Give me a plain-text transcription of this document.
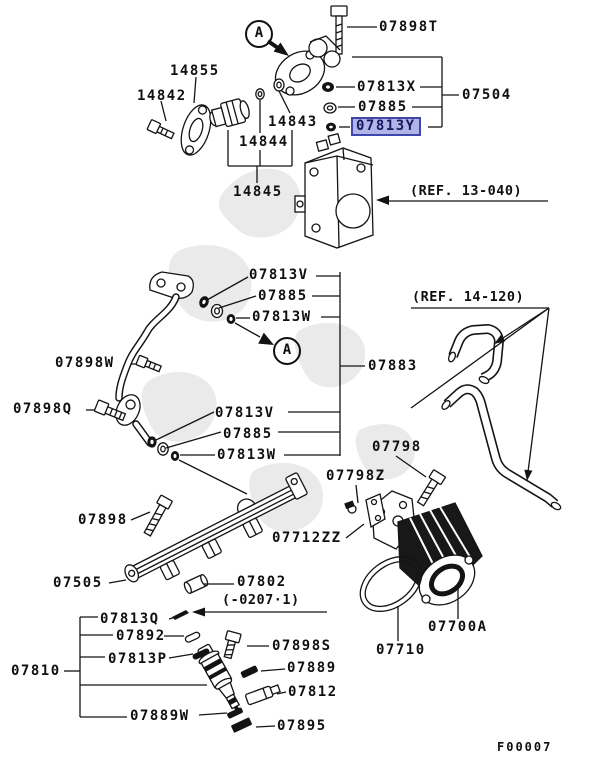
A
A
07898T
07813X
07885
07813Y
07504
14855
14842
14843
14844
14845	(REF. 13-040)
07813V
07885
07813W
07883
(REF. 14-120)
07898W
07898Q	07813V
07885
07813W	07798
07798Z
07712ZZ
07898
07505	07802
(-0207·1)
07700A
07710
07810
07813Q
07892
07813P
07898S
07889
07812
07889W
07895
F00007
